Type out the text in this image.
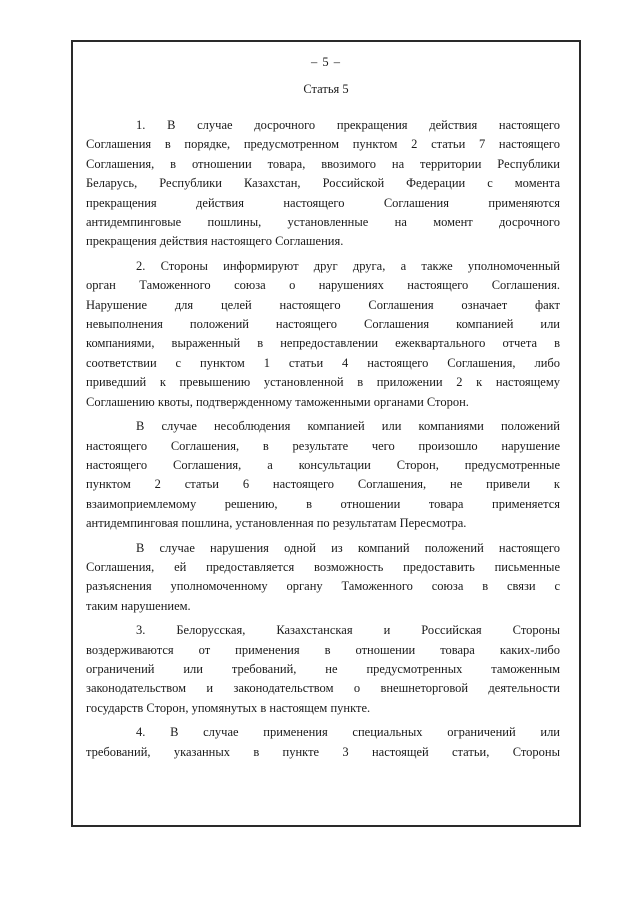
– 5 –
Статья 5

1. В случае досрочного прекращения действия настоящего
Соглашения в порядке, предусмотренном пунктом 2 статьи 7 настоящего
Соглашения, в отношении товара, ввозимого на территории Республики
Беларусь, Республики Казахстан, Российской Федерации с момента
прекращения действия настоящего Соглашения применяются
антидемпинговые пошлины, установленные на момент досрочного
прекращения действия настоящего Соглашения.

2. Стороны информируют друг друга, а также уполномоченный
орган Таможенного союза о нарушениях настоящего Соглашения.
Нарушение для целей настоящего Соглашения означает факт
невыполнения положений настоящего Соглашения компанией или
компаниями, выраженный в непредоставлении ежеквартального отчета в
соответствии с пунктом 1 статьи 4 настоящего Соглашения, либо
приведший к превышению установленной в приложении 2 к настоящему
Соглашению квоты, подтвержденному таможенными органами Сторон.

В случае несоблюдения компанией или компаниями положений
настоящего Соглашения, в результате чего произошло нарушение
настоящего Соглашения, а консультации Сторон, предусмотренные
пунктом 2 статьи 6 настоящего Соглашения, не привели к
взаимоприемлемому решению, в отношении товара применяется
антидемпинговая пошлина, установленная по результатам Пересмотра.

В случае нарушения одной из компаний положений настоящего
Соглашения, ей предоставляется возможность предоставить письменные
разъяснения уполномоченному органу Таможенного союза в связи с
таким нарушением.

3. Белорусская, Казахстанская и Российская Стороны
воздерживаются от применения в отношении товара каких-либо
ограничений или требований, не предусмотренных таможенным
законодательством и законодательством о внешнеторговой деятельности
государств Сторон, упомянутых в настоящем пункте.

4. В случае применения специальных ограничений или
требований, указанных в пункте 3 настоящей статьи, Стороны
